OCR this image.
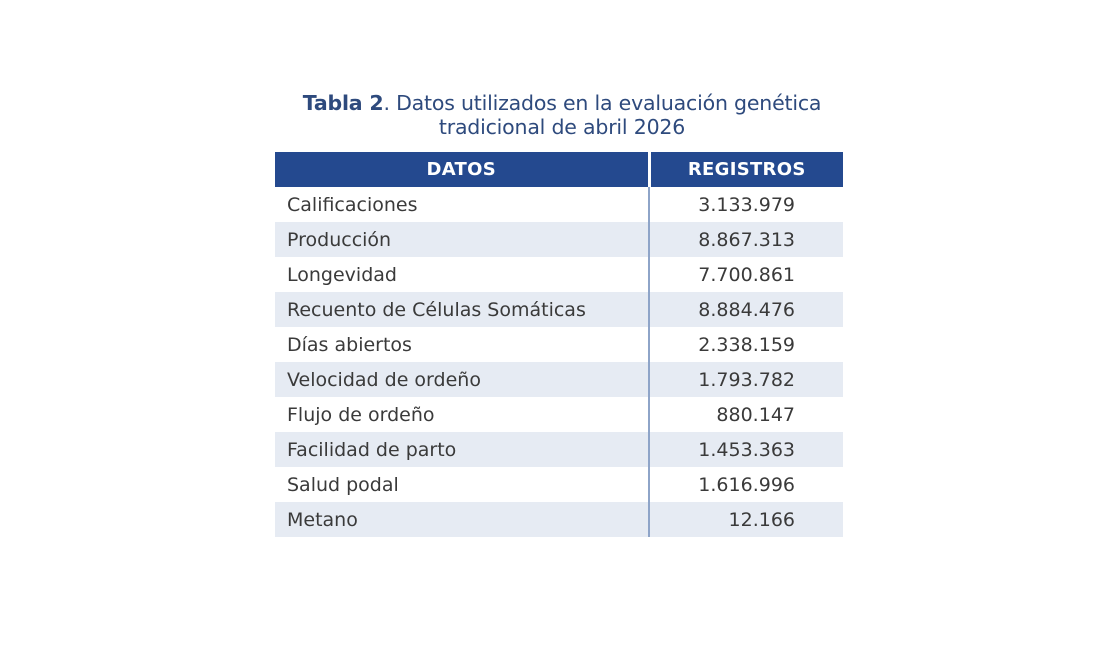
Tabla 2. Datos utilizados en la evaluación genética
tradicional de abril 2026
DATOS	REGISTROS
Calificaciones	3.133.979
Producción	8.867.313
Longevidad	7.700.861
Recuento de Células Somáticas	8.884.476
Días abiertos	2.338.159
Velocidad de ordeño	1.793.782
Flujo de ordeño	880.147
Facilidad de parto	1.453.363
Salud podal	1.616.996
Metano	12.166
